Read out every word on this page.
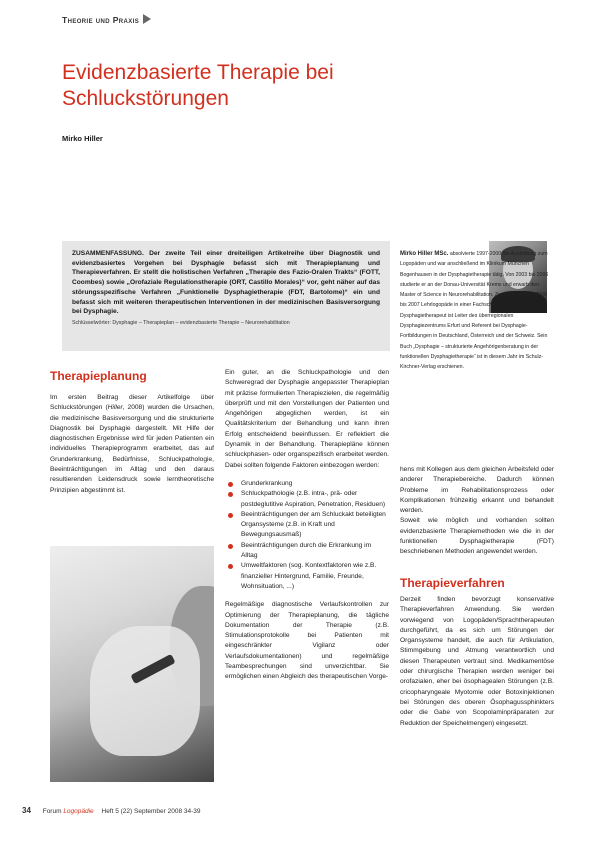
Theorie und Praxis
Evidenzbasierte Therapie bei
Schluckstörungen
Mirko Hiller

ZUSAMMENFASSUNG. Der zweite Teil einer dreiteiligen Artikelreihe über Diagnostik und evidenzbasiertes Vorgehen bei Dysphagie befasst sich mit Therapieplanung und Therapieverfahren. Er stellt die holistischen Verfahren „Therapie des Fazio-Oralen Trakts“ (FOTT, Coombes) sowie „Orofaziale Regulationstherapie (ORT, Castillo Morales)“ vor, geht näher auf das störungsspezifische Verfahren „Funktionelle Dysphagietherapie (FDT, Bartolome)“ ein und befasst sich mit weiteren therapeutischen Interventionen in der medizinischen Basisversorgung bei Dysphagie.

Schlüsselwörter: Dysphagie – Therapieplan – evidenzbasierte Therapie – Neurorehabilitation

Mirko Hiller MSc. absolvierte 1997-2000 die Ausbildung zum Logopäden und war anschließend im Klinikum München Bogenhausen in der Dysphagietherapie tätig. Von 2003 bis 2006 studierte er an der Donau-Universität Krems und erwarb den Master of Science in Neurorehabilitation. Zusätzlich war er 2006 bis 2007 Lehrlogopäde in einer Fachschule. Der Dysphagietherapeut ist Leiter des überregionalen Dysphagiezentrums Erfurt und Referent bei Dysphagie-Fortbildungen in Deutschland, Österreich und der Schweiz. Sein Buch „Dysphagie – strukturierte Angehörigenberatung in der funktionellen Dysphagietherapie“ ist in diesem Jahr im Schulz-Kirchner-Verlag erschienen.
Therapieplanung

Im ersten Beitrag dieser Artikelfolge über Schluckstörungen (Hiller, 2008) wurden die Ursachen, die medizinische Basisversorgung und die strukturierte Diagnostik bei Dysphagie dargestellt. Mit Hilfe der diagnostischen Ergebnisse wird für jeden Patienten ein individuelles Therapieprogramm erarbeitet, das auf Grunderkrankung, Bedürfnisse, Schluckpathologie, Beeinträchtigungen im Alltag und den daraus resultierenden Leidensdruck sowie lerntheoretische Prinzipien abgestimmt ist.

Ein guter, an die Schluckpathologie und den Schweregrad der Dysphagie angepasster Therapieplan mit präzise formulierten Therapiezielen, die regelmäßig überprüft und mit den Vorstellungen der Patienten und Angehörigen abgeglichen werden, ist ein Qualitätskriterium der Behandlung und kann ihren Erfolg entscheidend beeinflussen. Er reflektiert die Dynamik in der Behandlung. Therapiepläne können schluckphasen- oder organspezifisch erarbeitet werden. Dabei sollten folgende Faktoren einbezogen werden:

Grunderkrankung
Schluckpathologie (z.B. intra-, prä- oder postdeglutitive Aspiration, Penetration, Residuen)
Beeinträchtigungen der am Schluckakt beteiligten Organsysteme (z.B. in Kraft und Bewegungsausmaß)
Beeinträchtigungen durch die Erkrankung im Alltag
Umweltfaktoren (sog. Kontextfaktoren wie z.B. finanzieller Hintergrund, Familie, Freunde, Wohnsituation, ...)

Regelmäßige diagnostische Verlaufskontrollen zur Optimierung der Therapieplanung, die tägliche Dokumentation der Therapie (z.B. Stimulationsprotokolle bei Patienten mit eingeschränkter Vigilanz oder Verlaufsdokumentationen) und regelmäßige Teambesprechungen sind unverzichtbar. Sie ermöglichen einen Abgleich des therapeutischen Vorge-

hens mit Kollegen aus dem gleichen Arbeitsfeld oder anderer Therapiebereiche. Dadurch können Probleme im Rehabilitationsprozess oder Komplikationen frühzeitig erkannt und behandelt werden.

Soweit wie möglich und vorhanden sollten evidenzbasierte Therapiemethoden wie die in der funktionellen Dysphagietherapie (FDT) beschriebenen Methoden angewendet werden.

Therapieverfahren

Derzeit finden bevorzugt konservative Therapieverfahren Anwendung. Sie werden vorwiegend von Logopäden/Sprachtherapeuten durchgeführt, da es sich um Störungen der Organsysteme handelt, die auch für Artikulation, Stimmgebung und Atmung verantwortlich und diesen Therapeuten vertraut sind. Medikamentöse oder chirurgische Therapien werden weniger bei orofazialen, eher bei ösophagealen Störungen (z.B. cricopharyngeale Myotomie oder Botoxinjektionen bei Störungen des oberen Ösophagussphinkters oder die Gabe von Scopolaminpräparaten zur Reduktion der Speichelmengen) eingesetzt.

34 Forum Logopädie Heft 5 (22) September 2008 34-39
